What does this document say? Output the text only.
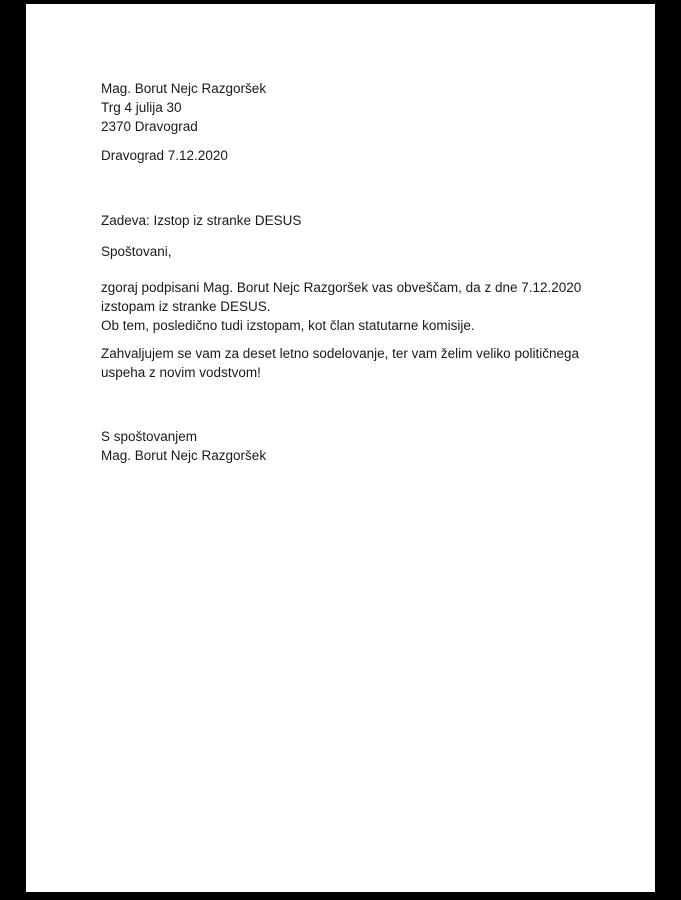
Mag. Borut Nejc Razgoršek
Trg 4 julija 30
2370 Dravograd
Dravograd 7.12.2020
Zadeva: Izstop iz stranke DESUS
Spoštovani,
zgoraj podpisani Mag. Borut Nejc Razgoršek vas obveščam, da z dne 7.12.2020
izstopam iz stranke DESUS.
Ob tem, posledično tudi izstopam, kot član statutarne komisije.
Zahvaljujem se vam za deset letno sodelovanje, ter vam želim veliko političnega
uspeha z novim vodstvom!
S spoštovanjem
Mag. Borut Nejc Razgoršek
